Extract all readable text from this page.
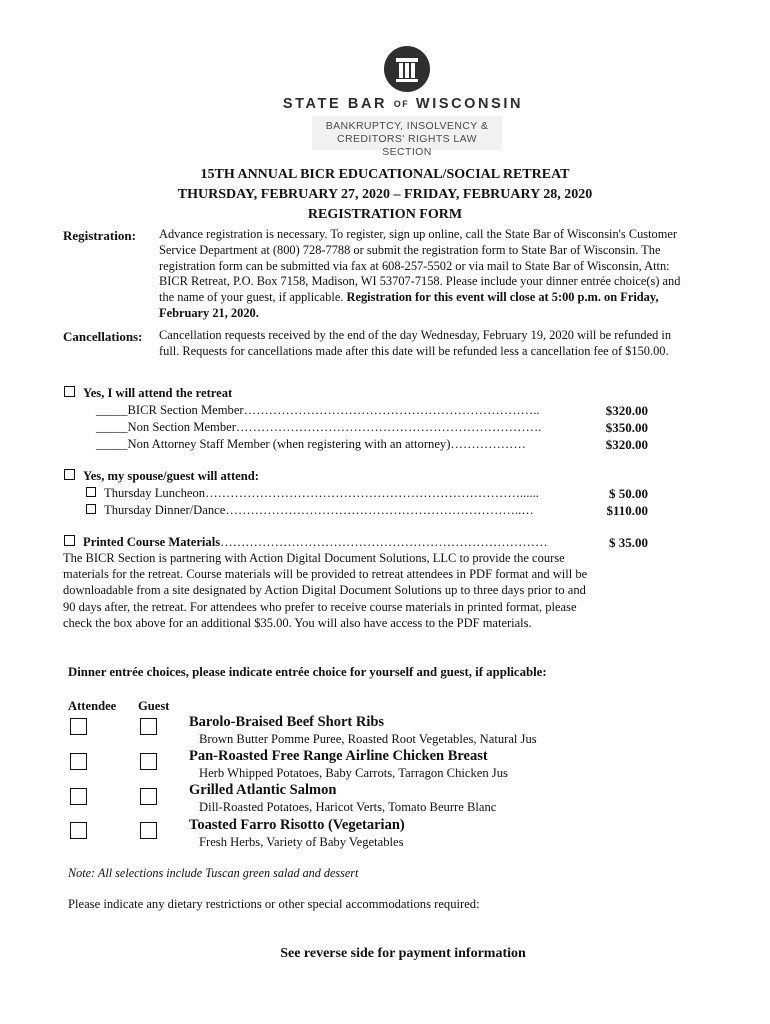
STATE BAR OF WISCONSIN
BANKRUPTCY, INSOLVENCY &
CREDITORS' RIGHTS LAW SECTION
15TH ANNUAL BICR EDUCATIONAL/SOCIAL RETREAT
THURSDAY, FEBRUARY 27, 2020 – FRIDAY, FEBRUARY 28, 2020
REGISTRATION FORM
Registration: Advance registration is necessary. To register, sign up online, call the State Bar of Wisconsin's Customer Service Department at (800) 728-7788 or submit the registration form to State Bar of Wisconsin. The registration form can be submitted via fax at 608-257-5502 or via mail to State Bar of Wisconsin, Attn: BICR Retreat, P.O. Box 7158, Madison, WI 53707-7158. Please include your dinner entrée choice(s) and the name of your guest, if applicable. Registration for this event will close at 5:00 p.m. on Friday, February 21, 2020.
Cancellations: Cancellation requests received by the end of the day Wednesday, February 19, 2020 will be refunded in full. Requests for cancellations made after this date will be refunded less a cancellation fee of $150.00.
Yes, I will attend the retreat
_____BICR Section Member……………………………………………………………..	$320.00
_____Non Section Member……………………………………………………………….	$350.00
_____Non Attorney Staff Member (when registering with an attorney)………………	$320.00
Yes, my spouse/guest will attend:
Thursday Luncheon…………………………………………………………………......	$ 50.00
Thursday Dinner/Dance……………………………………………………………..…	$110.00
Printed Course Materials……………………………………………………………………	$ 35.00
The BICR Section is partnering with Action Digital Document Solutions, LLC to provide the course materials for the retreat. Course materials will be provided to retreat attendees in PDF format and will be downloadable from a site designated by Action Digital Document Solutions up to three days prior to and 90 days after, the retreat. For attendees who prefer to receive course materials in printed format, please check the box above for an additional $35.00. You will also have access to the PDF materials.
Dinner entrée choices, please indicate entrée choice for yourself and guest, if applicable:
Attendee Guest
Barolo-Braised Beef Short Ribs
Brown Butter Pomme Puree, Roasted Root Vegetables, Natural Jus
Pan-Roasted Free Range Airline Chicken Breast
Herb Whipped Potatoes, Baby Carrots, Tarragon Chicken Jus
Grilled Atlantic Salmon
Dill-Roasted Potatoes, Haricot Verts, Tomato Beurre Blanc
Toasted Farro Risotto (Vegetarian)
Fresh Herbs, Variety of Baby Vegetables
Note: All selections include Tuscan green salad and dessert
Please indicate any dietary restrictions or other special accommodations required:
_______________________________________________________________________________
See reverse side for payment information
